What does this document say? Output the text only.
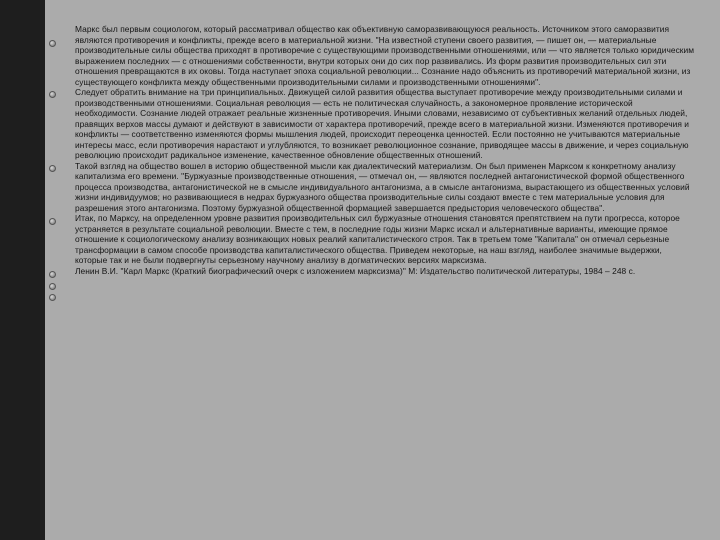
Маркс был первым социологом, который рассматривал общество как объективную саморазвивающуюся реальность. Источником этого саморазвития являются противоречия и конфликты, прежде всего в материальной жизни. "На известной ступени своего развития, — пишет он, — материальные производительные силы общества приходят в противоречие с существующими производственными отношениями, или — что является только юридическим выражением последних — с отношениями собственности, внутри которых они до сих пор развивались. Из форм развития производительных сил эти отношения превращаются в их оковы. Тогда наступает эпоха социальной революции... Сознание надо объяснить из противоречий материальной жизни, из существующего конфликта между общественными производительными силами и производственными отношениями".
Следует обратить внимание на три принципиальных. Движущей силой развития общества выступает противоречие между производительными силами и производственными отношениями. Социальная революция — есть не политическая случайность, а закономерное проявление исторической необходимости. Сознание людей отражает реальные жизненные противоречия. Иными словами, независимо от субъективных желаний отдельных людей, правящих верхов массы думают и действуют в зависимости от характера противоречий, прежде всего в материальной жизни. Изменяются противоречия и конфликты — соответственно изменяются формы мышления людей, происходит переоценка ценностей. Если постоянно не учитываются материальные интересы масс, если противоречия нарастают и углубляются, то возникает революционное сознание, приводящее массы в движение, и через социальную революцию происходит радикальное изменение, качественное обновление общественных отношений.
Такой взгляд на общество вошел в историю общественной мысли как диалектический материализм. Он был применен Марксом к конкретному анализу капитализма его времени. "Буржуазные производственные отношения, — отмечал он, — являются последней антагонистической формой общественного процесса производства, антагонистической не в смысле индивидуального антагонизма, а в смысле антагонизма, вырастающего из общественных условий жизни индивидуумов; но развивающиеся в недрах буржуазного общества производительные силы создают вместе с тем материальные условия для разрешения этого антагонизма. Поэтому буржуазной общественной формацией завершается предыстория человеческого общества".
Итак, по Марксу, на определенном уровне развития производительных сил буржуазные отношения становятся препятствием на пути прогресса, которое устраняется в результате социальной революции. Вместе с тем, в последние годы жизни Маркс искал и альтернативные варианты, имеющие прямое отношение к социологическому анализу возникающих новых реалий капиталистического строя. Так в третьем томе "Капитала" он отмечал серьезные трансформации в самом способе производства капиталистического общества. Приведем некоторые, на наш взгляд, наиболее значимые выдержки, которые так и не были подвергнуты серьезному научному анализу в догматических версиях марксизма.
Ленин В.И. "Карл Маркс (Краткий биографический очерк с изложением марксизма)" М: Издательство политической литературы, 1984 – 248 с.
